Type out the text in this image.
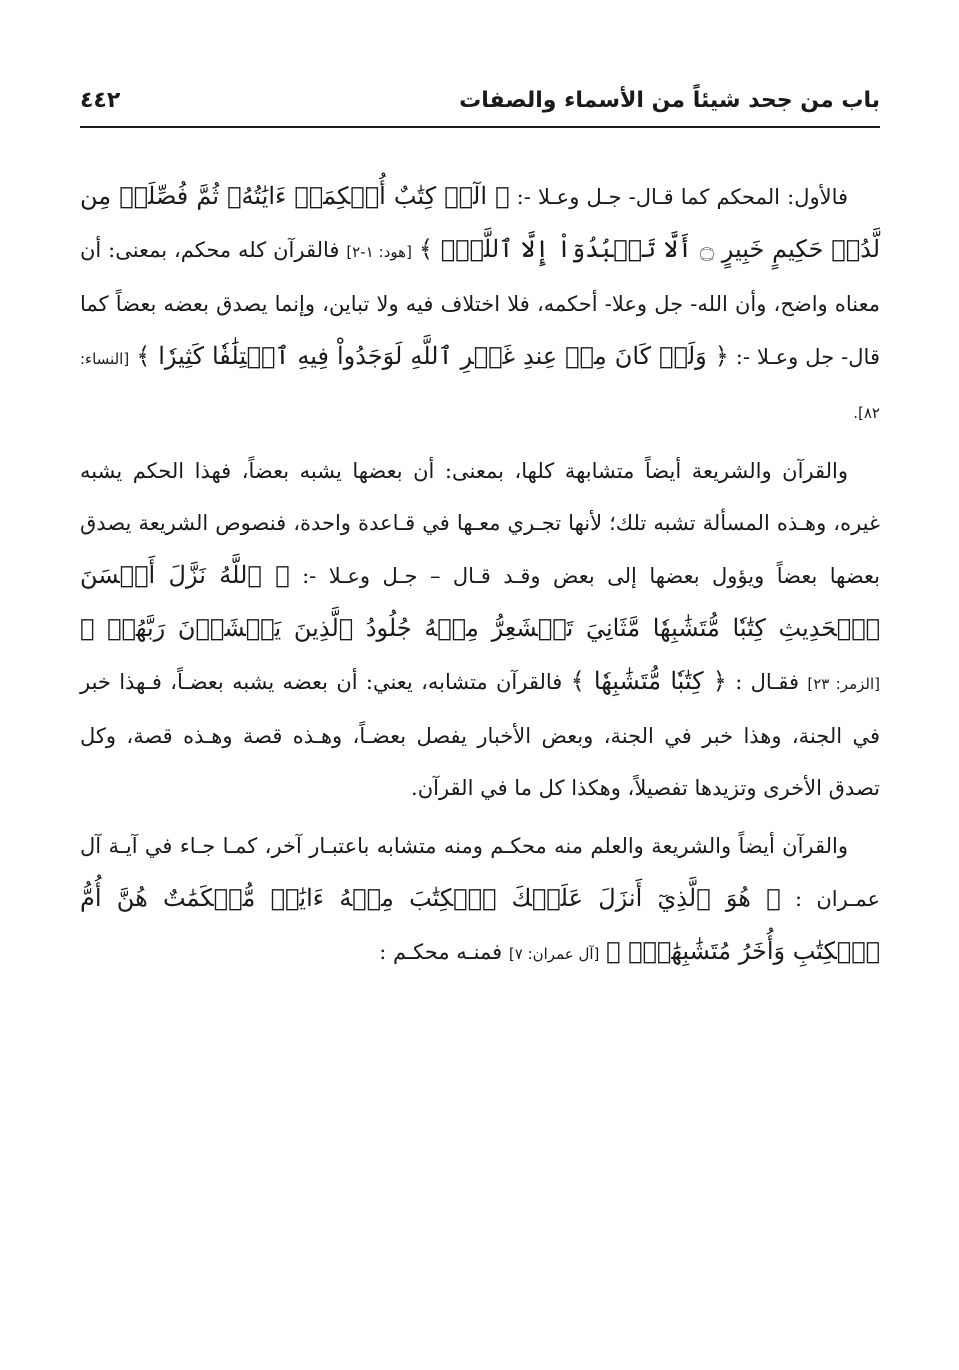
باب من جحد شيئاً من الأسماء والصفات
٤٤٢

فالأول: المحكم كما قـال- جـل وعـلا -: ﴿ الٓرۚ كِتَٰبٌ أُحۡكِمَتۡ ءَايَٰتُهُۥ ثُمَّ فُصِّلَتۡ مِن لَّدُنۡ حَكِيمٍ خَبِيرٍ ۝ أَلَّا تَعۡبُدُوٓاْ إِلَّا ٱللَّهَۚ ﴾ [هود: ١-٢] فالقرآن كله محكم، بمعنى: أن معناه واضح، وأن الله- جل وعلا- أحكمه، فلا اختلاف فيه ولا تباين، وإنما يصدق بعضه بعضاً كما قال- جل وعـلا -: ﴿ وَلَوۡ كَانَ مِنۡ عِندِ غَيۡرِ ٱللَّهِ لَوَجَدُواْ فِيهِ ٱخۡتِلَٰفٗا كَثِيرٗا ﴾ [النساء: ٨٢].

والقرآن والشريعة أيضاً متشابهة كلها، بمعنى: أن بعضها يشبه بعضاً، فهذا الحكم يشبه غيره، وهـذه المسألة تشبه تلك؛ لأنها تجـري معـها في قـاعدة واحدة، فنصوص الشريعة يصدق بعضها بعضاً ويؤول بعضها إلى بعض وقـد قـال – جـل وعـلا -: ﴿ ٱللَّهُ نَزَّلَ أَحۡسَنَ ٱلۡحَدِيثِ كِتَٰبٗا مُّتَشَٰبِهٗا مَّثَانِيَ تَقۡشَعِرُّ مِنۡهُ جُلُودُ ٱلَّذِينَ يَخۡشَوۡنَ رَبَّهُمۡ ﴾ [الزمر: ٢٣] فقـال : ﴿ كِتَٰبٗا مُّتَشَٰبِهٗا ﴾ فالقرآن متشابه، يعني: أن بعضه يشبه بعضـاً، فـهذا خبر في الجنة، وهذا خبر في الجنة، وبعض الأخبار يفصل بعضـاً، وهـذه قصة وهـذه قصة، وكل تصدق الأخرى وتزيدها تفصيلاً، وهكذا كل ما في القرآن.

والقرآن أيضاً والشريعة والعلم منه محكـم ومنه متشابه باعتبـار آخر، كمـا جـاء في آيـة آل عمـران : ﴿ هُوَ ٱلَّذِيٓ أَنزَلَ عَلَيۡكَ ٱلۡكِتَٰبَ مِنۡهُ ءَايَٰتٞ مُّحۡكَمَٰتٌ هُنَّ أُمُّ ٱلۡكِتَٰبِ وَأُخَرُ مُتَشَٰبِهَٰتٞۖ ﴾ [آل عمران: ٧] فمنـه محكـم :
